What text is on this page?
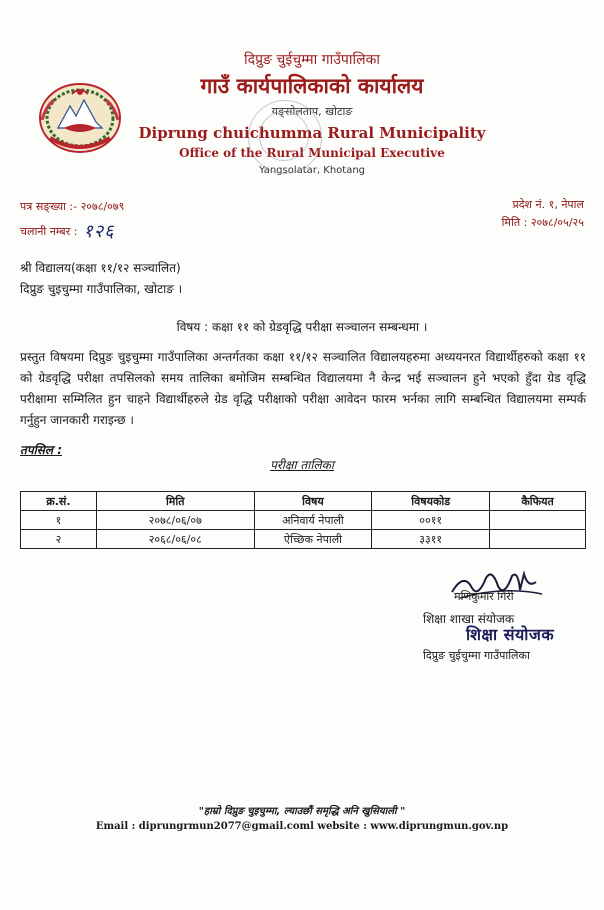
दिप्रुङ चुईचुम्मा गाउँपालिका
गाउँ कार्यपालिकाको कार्यालय
यङ्सोलताप, खोटाङ
Diprung chuichumma Rural Municipality
Office of the Rural Municipal Executive
Yangsolatar, Khotang
पत्र सङ्ख्या :- २०७८/०७९
चलानी नम्बर : १२६
प्रदेश नं. १, नेपाल
मिति : २०७८/०५/२५
श्री विद्यालय(कक्षा ११/१२ सञ्चालित)
दिप्रुङ चुइचुम्मा गाउँपालिका, खोटाङ ।
विषय : कक्षा ११ को ग्रेडवृद्धि परीक्षा सञ्चालन सम्बन्धमा ।
प्रस्तुत विषयमा दिप्रुङ चुइचुम्मा गाउँपालिका अन्तर्गतका कक्षा ११/१२ सञ्चालित विद्यालयहरुमा अध्ययनरत विद्यार्थीहरुको कक्षा ११ को ग्रेडवृद्धि परीक्षा तपसिलको समय तालिका बमोजिम सम्बन्धित विद्यालयमा नै केन्द्र भई सञ्चालन हुने भएको हुँदा ग्रेड वृद्धि परीक्षामा सम्मिलित हुन चाहने विद्यार्थीहरुले ग्रेड वृद्धि परीक्षाको परीक्षा आवेदन फारम भर्नका लागि सम्बन्धित विद्यालयमा सम्पर्क गर्नुहुन जानकारी गराइन्छ ।
तपसिल :
परीक्षा तालिका
क्र.सं.	मिति	विषय	विषयकोड	कैफियत
१	२०७८/०६/०७	अनिवार्य नेपाली	००११	
२	२०६८/०६/०८	ऐच्छिक नेपाली	३३११	
मणिकुमार गिरी
शिक्षा शाखा संयोजक
शिक्षा संयोजक
दिप्रुङ चुईचुम्मा गाउँपालिका
"हाम्रो दिप्रुङ चुइचुम्मा, ल्याउछौं समृद्धि अनि खुसियाली "
Email : diprungrmun2077@gmail.coml website : www.diprungmun.gov.np
